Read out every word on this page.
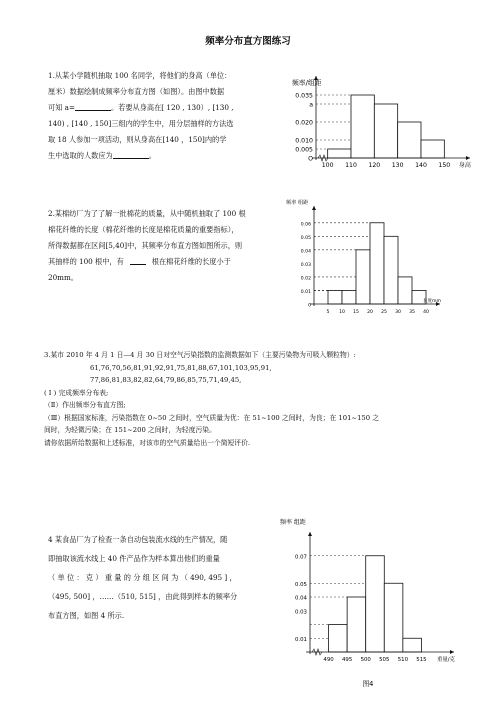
频率分布直方图练习
1.从某小学随机抽取 100 名同学，将他们的身高（单位：
厘米）数据绘制成频率分布直方图（如图）。由图中数据
可知 a=	。若要从身高在[ 120 , 130）, [130 ,
140) , [140 , 150]三组内的学生中，用分层抽样的方法选
取 18 人参加一项活动，则从身高在[140 ，150]内的学
生中选取的人数应为	。
100 110 120 130 140 150
0.035
a
0.020
0.010
0.005
O
频率/组距
身高
2.某棉纺厂为了了解一批棉花的质量，从中随机抽取了 100 根
棉花纤维的长度（棉花纤维的长度是棉花质量的重要指标），
所得数据都在区间[5,40]中，其频率分布直方图如图所示，则
其抽样的 100 根中，有	根在棉花纤维的长度小于
20mm。
5 10 15 20 25 30 35 40
0.06
0.05
0.04
0.03
0.02
0.01
0
频率 组距
长度mm
3.某市 2010 年 4 月 1 日—4 月 30 日对空气污染指数的监测数据如下（主要污染物为可吸入颗粒物）:
61,76,70,56,81,91,92,91,75,81,88,67,101,103,95,91,
77,86,81,83,82,82,64,79,86,85,75,71,49,45,
( I ) 完成频率分布表;
（Ⅱ）作出频率分布直方图;
（Ⅲ）根据国家标准，污染指数在 0~50 之间时，空气质量为优：在 51~100 之间时，为良；在 101~150 之
间时，为轻微污染；在 151~200 之间时，为轻度污染。
请你依据所给数据和上述标准，对该市的空气质量给出一个简短评价.
4 某食品厂为了检查一条自动包装流水线的生产情况，随
即抽取该流水线上 40 件产品作为样本算出他们的重量
（ 单 位 ： 克 ） 重 量 的 分 组 区 间 为 （ 490, 495 ] ，
（495, 500] ，……（510, 515] ，由此得到样本的频率分
布直方图，如图 4 所示.
490 495 500 505 510 515
0.07
0.05
0.04
0.03
0.01
频率 组距
重量/克
图4
